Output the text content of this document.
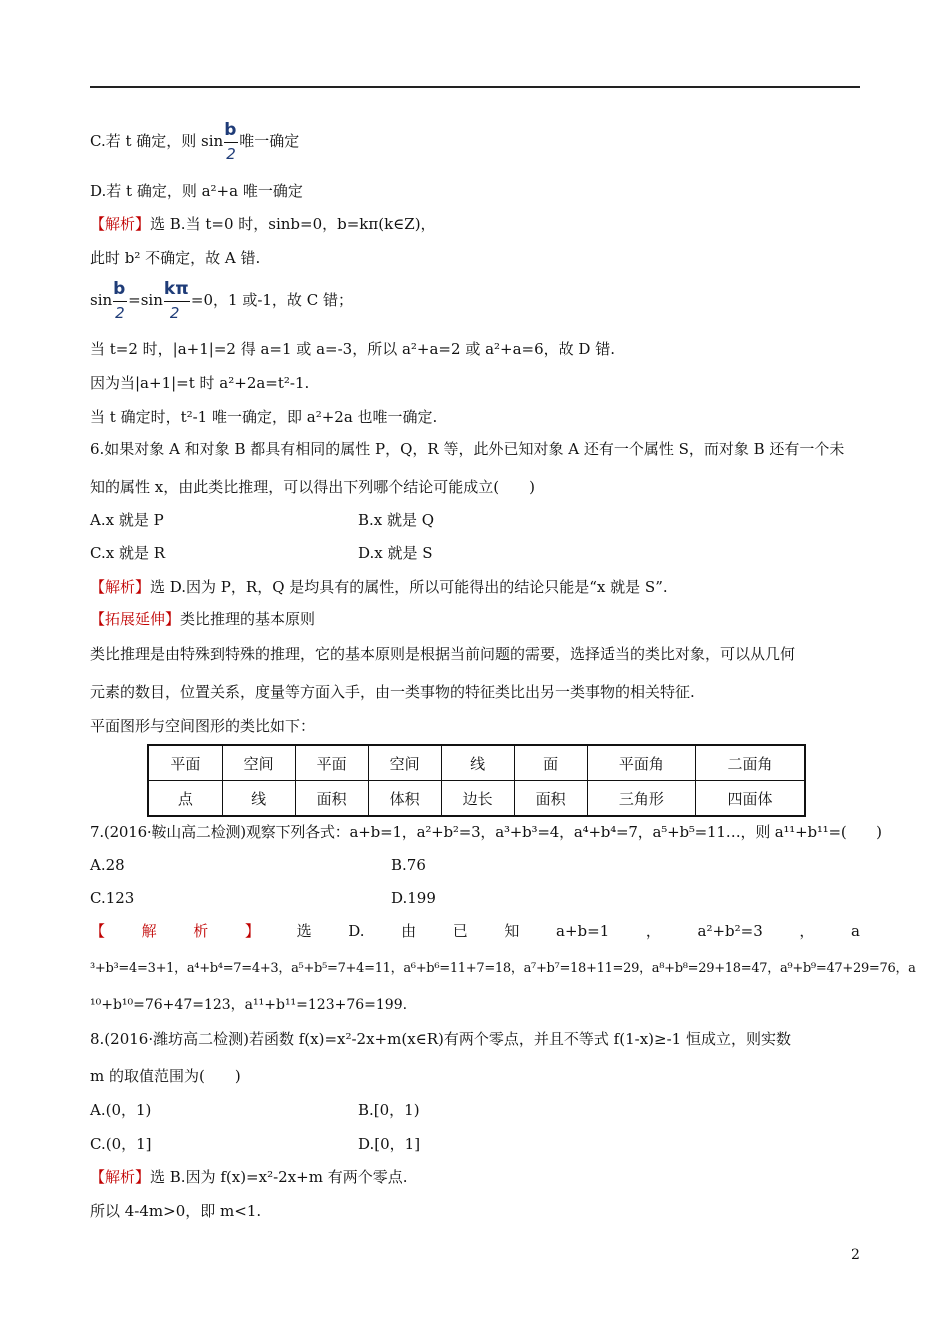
C.若 t 确定，则 $\sin \frac{b}{2}$ 唯一确定
D.若 t 确定，则 a²+a 唯一确定
【解析】选 B.当 t=0 时，sinb=0，b=kπ(k∈Z)，
此时 b² 不确定，故 A 错.
$\sin \frac{b}{2} =\sin \frac{k\pi}{2} =0$，1 或-1，故 C 错；
当 t=2 时，|a+1|=2 得 a=1 或 a=-3，所以 a²+a=2 或 a²+a=6，故 D 错.
因为当|a+1|=t 时 a²+2a=t²-1.
当 t 确定时，t²-1 唯一确定，即 a²+2a 也唯一确定.
6.如果对象 A 和对象 B 都具有相同的属性 P，Q，R 等，此外已知对象 A 还有一个属性 S，而对象 B 还有一个未
知的属性 x，由此类比推理，可以得出下列哪个结论可能成立(　　)
A.x 就是 P	B.x 就是 Q
C.x 就是 R	D.x 就是 S
【解析】选 D.因为 P，R，Q 是均具有的属性，所以可能得出的结论只能是“x 就是 S”.
【拓展延伸】类比推理的基本原则
类比推理是由特殊到特殊的推理，它的基本原则是根据当前问题的需要，选择适当的类比对象，可以从几何
元素的数目，位置关系，度量等方面入手，由一类事物的特征类比出另一类事物的相关特征.
平面图形与空间图形的类比如下：
平面	空间	平面	空间	线	面	平面角	二面角
点	线	面积	体积	边长	面积	三角形	四面体
7.(2016·鞍山高二检测)观察下列各式：a+b=1，a²+b²=3，a³+b³=4，a⁴+b⁴=7，a⁵+b⁵=11…，则 a¹¹+b¹¹=(　　)
A.28	B.76
C.123	D.199
【 解 析 】 选 D. 由 已 知 a+b=1 ， a²+b²=3 ， a
³+b³=4=3+1，a⁴+b⁴=7=4+3，a⁵+b⁵=7+4=11，a⁶+b⁶=11+7=18，a⁷+b⁷=18+11=29，a⁸+b⁸=29+18=47，a⁹+b⁹=47+29=76，a
¹⁰+b¹⁰=76+47=123，a¹¹+b¹¹=123+76=199.
8.(2016·潍坊高二检测)若函数 f(x)=x²-2x+m(x∈R)有两个零点，并且不等式 f(1-x)≥-1 恒成立，则实数
m 的取值范围为(　　)
A.(0，1)	B.[0，1)
C.(0，1]	D.[0，1]
【解析】选 B.因为 f(x)=x²-2x+m 有两个零点.
所以 4-4m>0，即 m<1.
2
